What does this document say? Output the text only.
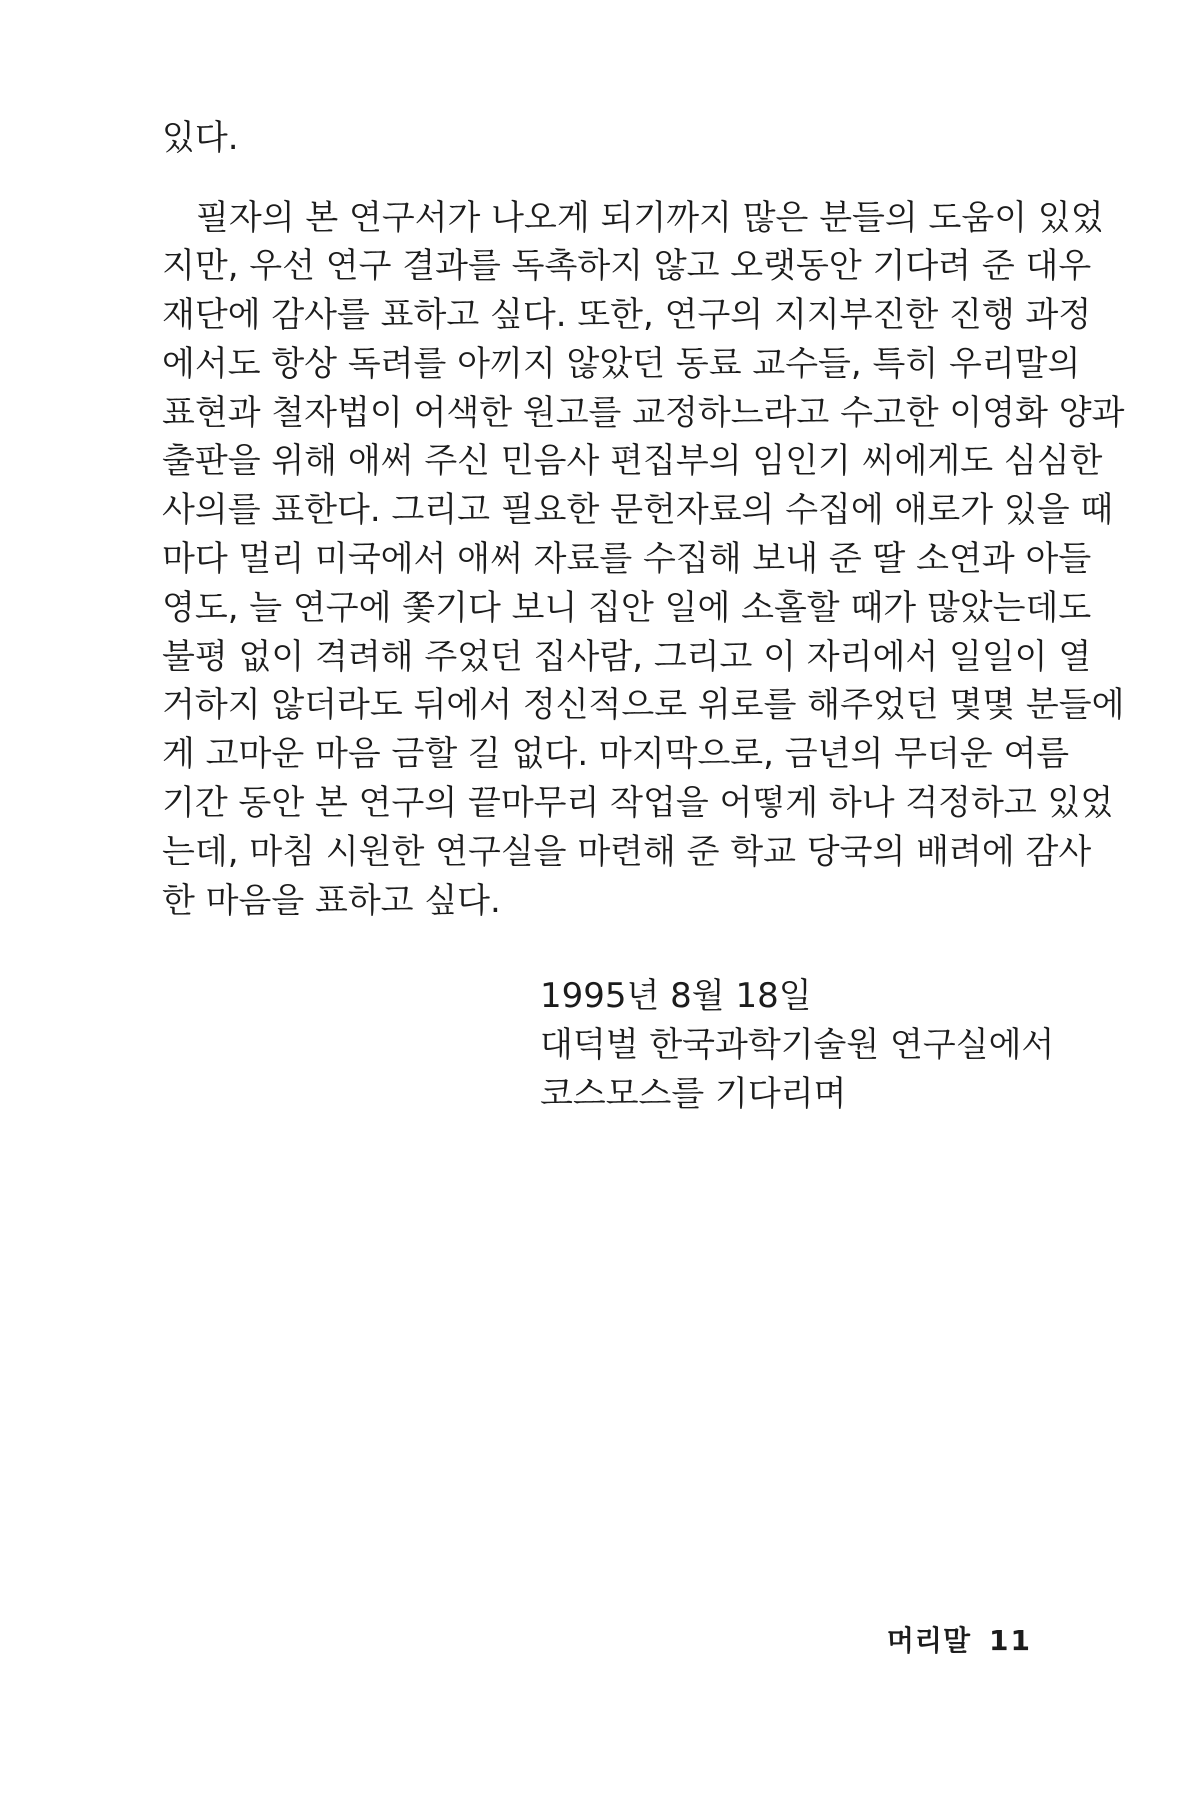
있다.

필자의 본 연구서가 나오게 되기까지 많은 분들의 도움이 있었

지만, 우선 연구 결과를 독촉하지 않고 오랫동안 기다려 준 대우

재단에 감사를 표하고 싶다. 또한, 연구의 지지부진한 진행 과정

에서도 항상 독려를 아끼지 않았던 동료 교수들, 특히 우리말의

표현과 철자법이 어색한 원고를 교정하느라고 수고한 이영화 양과

출판을 위해 애써 주신 민음사 편집부의 임인기 씨에게도 심심한

사의를 표한다. 그리고 필요한 문헌자료의 수집에 애로가 있을 때

마다 멀리 미국에서 애써 자료를 수집해 보내 준 딸 소연과 아들

영도, 늘 연구에 쫓기다 보니 집안 일에 소홀할 때가 많았는데도

불평 없이 격려해 주었던 집사람, 그리고 이 자리에서 일일이 열

거하지 않더라도 뒤에서 정신적으로 위로를 해주었던 몇몇 분들에

게 고마운 마음 금할 길 없다. 마지막으로, 금년의 무더운 여름

기간 동안 본 연구의 끝마무리 작업을 어떻게 하나 걱정하고 있었

는데, 마침 시원한 연구실을 마련해 준 학교 당국의 배려에 감사

한 마음을 표하고 싶다.

1995년 8월 18일

대덕벌 한국과학기술원 연구실에서

코스모스를 기다리며

머리말 11
